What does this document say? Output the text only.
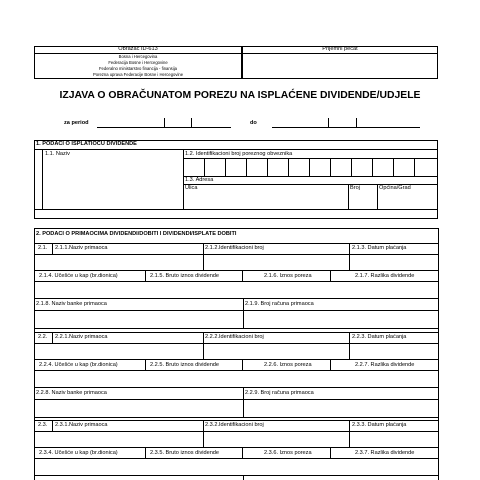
Obrazac ID-613
Bosna i Hercegovina
Federacija Bosne i Hercegovine
Federalno ministarstvo financija - finansija
Porezna uprava Federacije Bosne i Hercegovine
Prijemni pečat
IZJAVA O OBRAČUNATOM POREZU NA ISPLAĆENE DIVIDENDE/UDJELE
za period	do
1. PODACI O ISPLATIOCU DIVIDENDE
1.1. Naziv	1.2. Identifikacioni broj poreznog obveznika
1.3. Adresa
Ulica	Broj	Općina/Grad
2. PODACI O PRIMAOCIMA DIVIDENDI/DOBITI I DIVIDENDI/ISPLATE DOBITI
2.1. 2.1.1.Naziv primaoca	2.1.2.Identifikacioni broj	2.1.3. Datum plaćanja
2.1.4. Učešće u kap (br.dionica)	2.1.5. Bruto iznos dividende	2.1.6. Iznos poreza	2.1.7. Razlika dividende
2.1.8. Naziv banke primaoca	2.1.9. Broj računa primaoca
2.2. 2.2.1.Naziv primaoca	2.2.2.Identifikacioni broj	2.2.3. Datum plaćanja
2.2.4. Učešće u kap (br.dionica)	2.2.5. Bruto iznos dividende	2.2.6. Iznos poreza	2.2.7. Razlika dividende
2.2.8. Naziv banke primaoca	2.2.9. Broj računa primaoca
2.3. 2.3.1.Naziv primaoca	2.3.2.Identifikacioni broj	2.3.3. Datum plaćanja
2.3.4. Učešće u kap (br.dionica)	2.3.5. Bruto iznos dividende	2.3.6. Iznos poreza	2.3.7. Razlika dividende
